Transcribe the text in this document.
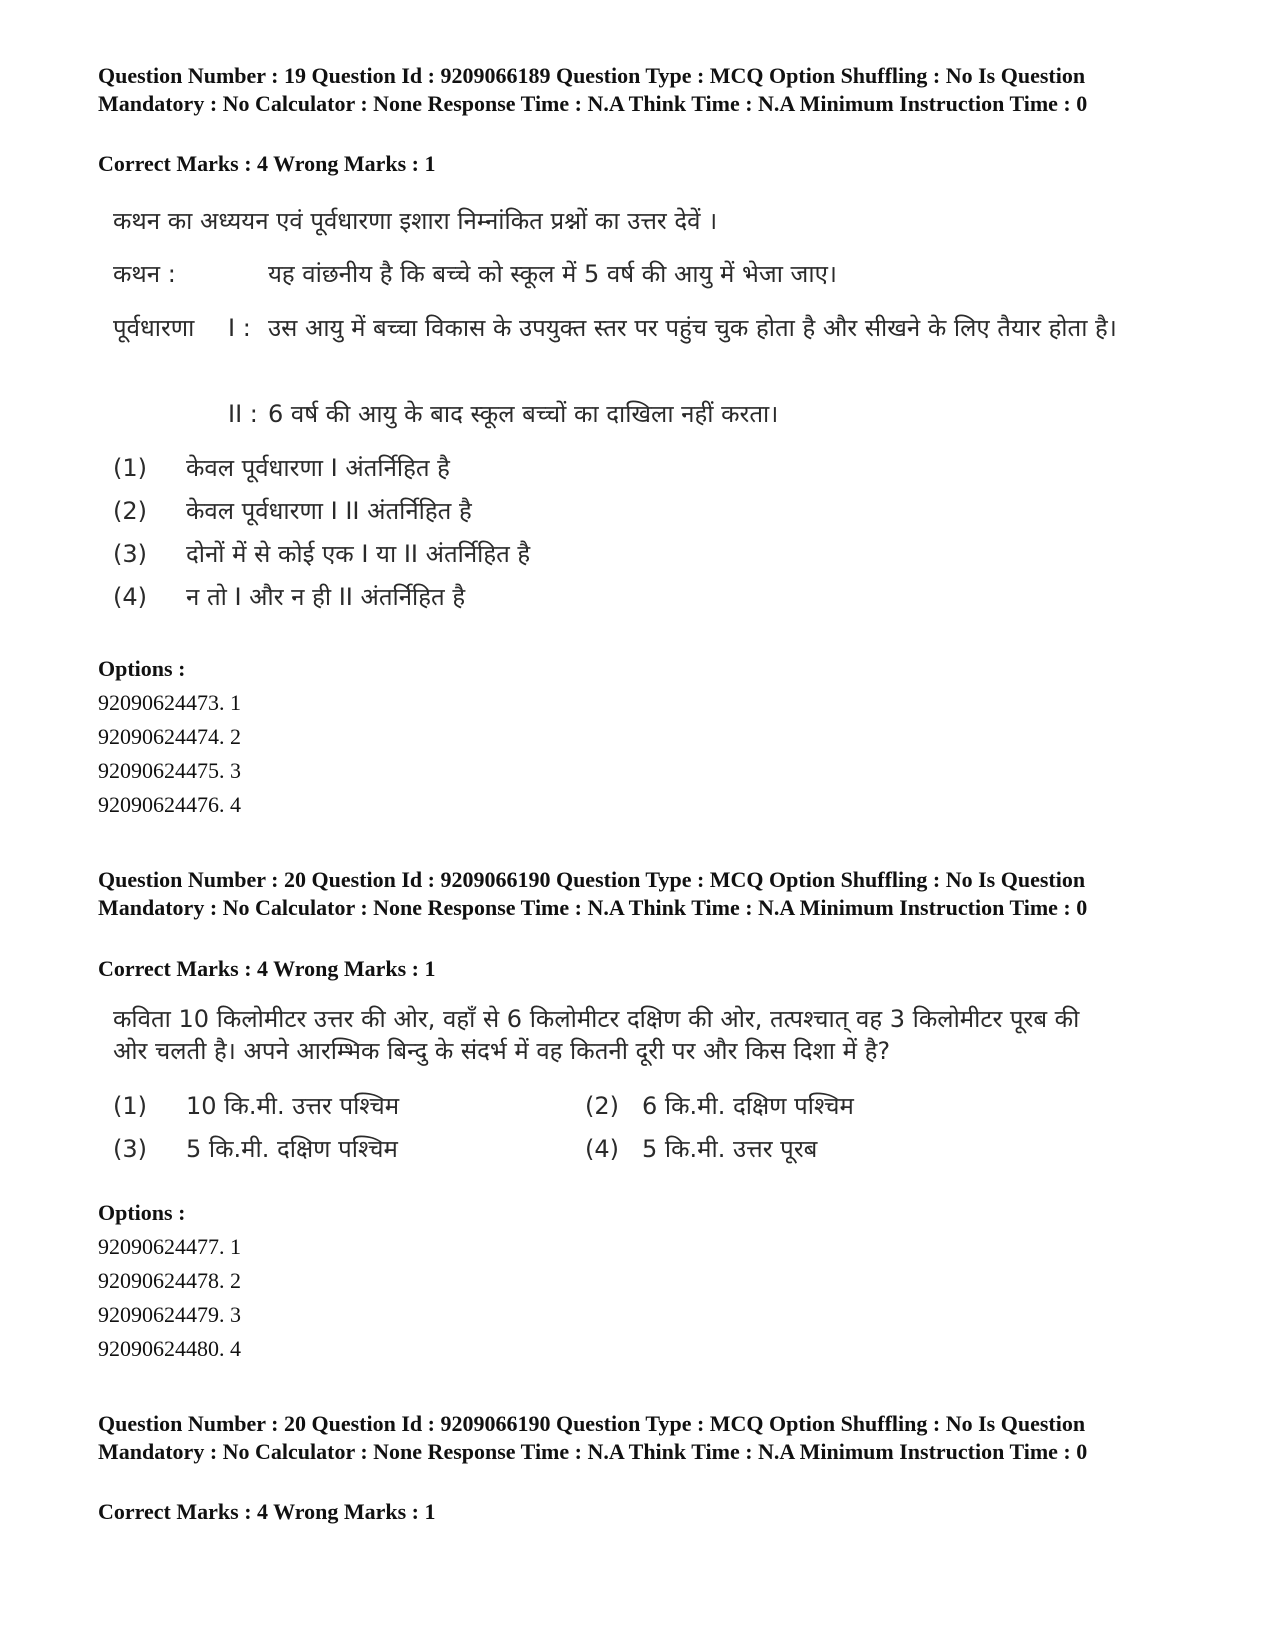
Question Number : 19 Question Id : 9209066189 Question Type : MCQ Option Shuffling : No Is Question Mandatory : No Calculator : None Response Time : N.A Think Time : N.A Minimum Instruction Time : 0
Correct Marks : 4 Wrong Marks : 1
कथन का अध्ययन एवं पूर्वधारणा इशारा निम्नांकित प्रश्नों का उत्तर देवें ।
कथन :	यह वांछनीय है कि बच्चे को स्कूल में 5 वर्ष की आयु में भेजा जाए।
पूर्वधारणा I : उस आयु में बच्चा विकास के उपयुक्त स्तर पर पहुंच चुक होता है और सीखने के लिए तैयार होता है।
II : 6 वर्ष की आयु के बाद स्कूल बच्चों का दाखिला नहीं करता।
(1) केवल पूर्वधारणा I अंतर्निहित है
(2) केवल पूर्वधारणा I II अंतर्निहित है
(3) दोनों में से कोई एक I या II अंतर्निहित है
(4) न तो I और न ही II अंतर्निहित है
Options :
92090624473. 1
92090624474. 2
92090624475. 3
92090624476. 4
Question Number : 20 Question Id : 9209066190 Question Type : MCQ Option Shuffling : No Is Question Mandatory : No Calculator : None Response Time : N.A Think Time : N.A Minimum Instruction Time : 0
Correct Marks : 4 Wrong Marks : 1
कविता 10 किलोमीटर उत्तर की ओर, वहाँ से 6 किलोमीटर दक्षिण की ओर, तत्पश्चात् वह 3 किलोमीटर पूरब की ओर चलती है। अपने आरम्भिक बिन्दु के संदर्भ में वह कितनी दूरी पर और किस दिशा में है?
(1) 10 कि.मी. उत्तर पश्चिम	(2) 6 कि.मी. दक्षिण पश्चिम
(3) 5 कि.मी. दक्षिण पश्चिम	(4) 5 कि.मी. उत्तर पूरब
Options :
92090624477. 1
92090624478. 2
92090624479. 3
92090624480. 4
Question Number : 20 Question Id : 9209066190 Question Type : MCQ Option Shuffling : No Is Question Mandatory : No Calculator : None Response Time : N.A Think Time : N.A Minimum Instruction Time : 0
Correct Marks : 4 Wrong Marks : 1
